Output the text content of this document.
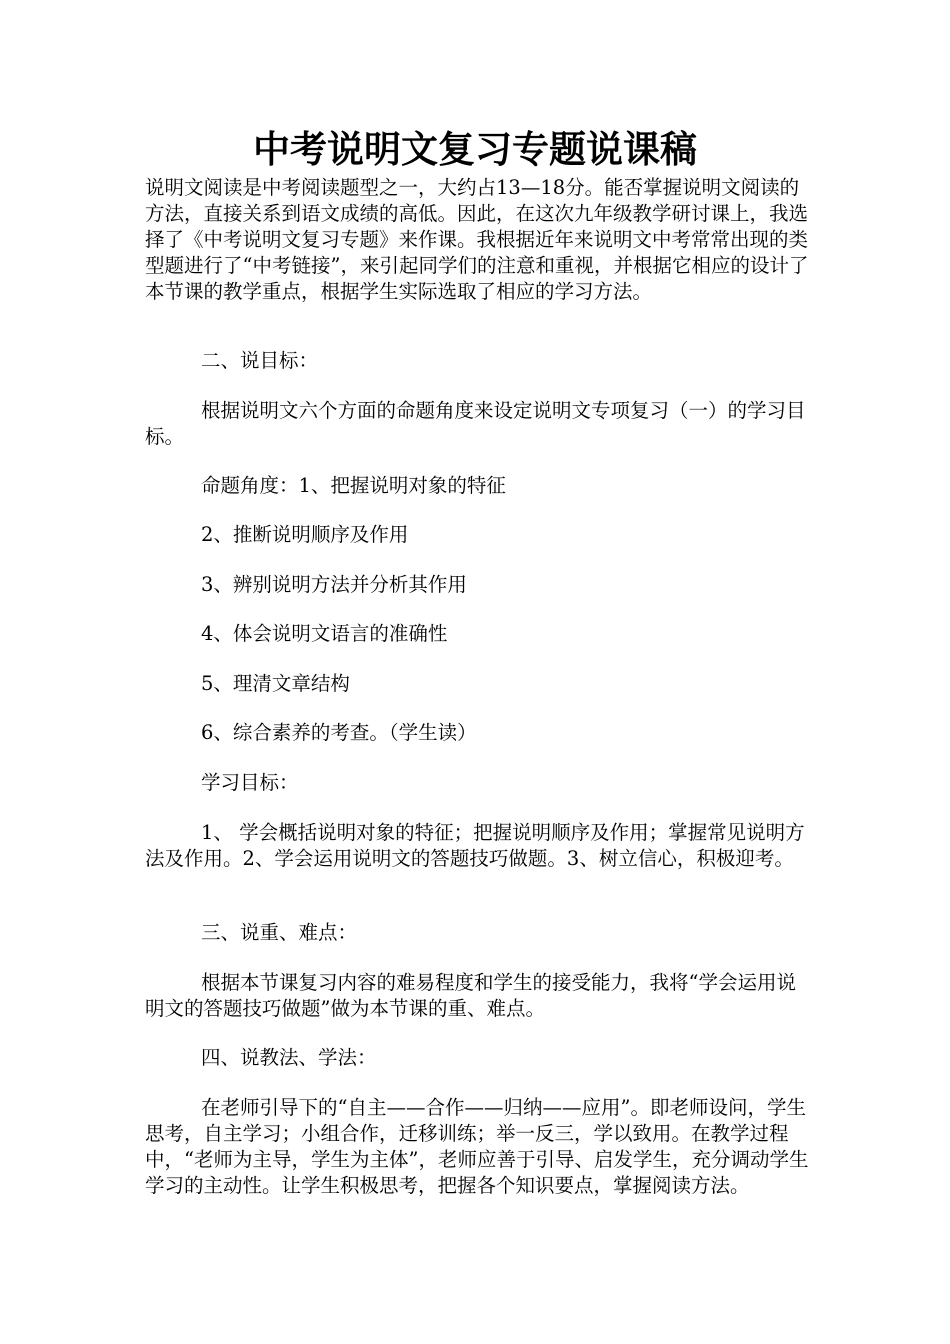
中考说明文复习专题说课稿

说明文阅读是中考阅读题型之一，大约占13—18分。能否掌握说明文阅读的方法，直接关系到语文成绩的高低。因此，在这次九年级教学研讨课上，我选择了《中考说明文复习专题》来作课。我根据近年来说明文中考常常出现的类型题进行了“中考链接”，来引起同学们的注意和重视，并根据它相应的设计了本节课的教学重点，根据学生实际选取了相应的学习方法。

二、说目标：
根据说明文六个方面的命题角度来设定说明文专项复习（一）的学习目标。
命题角度：1、把握说明对象的特征
2、推断说明顺序及作用
3、辨别说明方法并分析其作用
4、体会说明文语言的准确性
5、理清文章结构
6、综合素养的考查。（学生读）
学习目标：
1、 学会概括说明对象的特征；把握说明顺序及作用；掌握常见说明方法及作用。2、学会运用说明文的答题技巧做题。3、树立信心，积极迎考。
三、说重、难点：
根据本节课复习内容的难易程度和学生的接受能力，我将“学会运用说明文的答题技巧做题”做为本节课的重、难点。
四、说教法、学法：
在老师引导下的“自主——合作——归纳——应用”。即老师设问，学生思考，自主学习；小组合作，迁移训练；举一反三，学以致用。在教学过程中，“老师为主导，学生为主体”，老师应善于引导、启发学生，充分调动学生学习的主动性。让学生积极思考，把握各个知识要点，掌握阅读方法。
